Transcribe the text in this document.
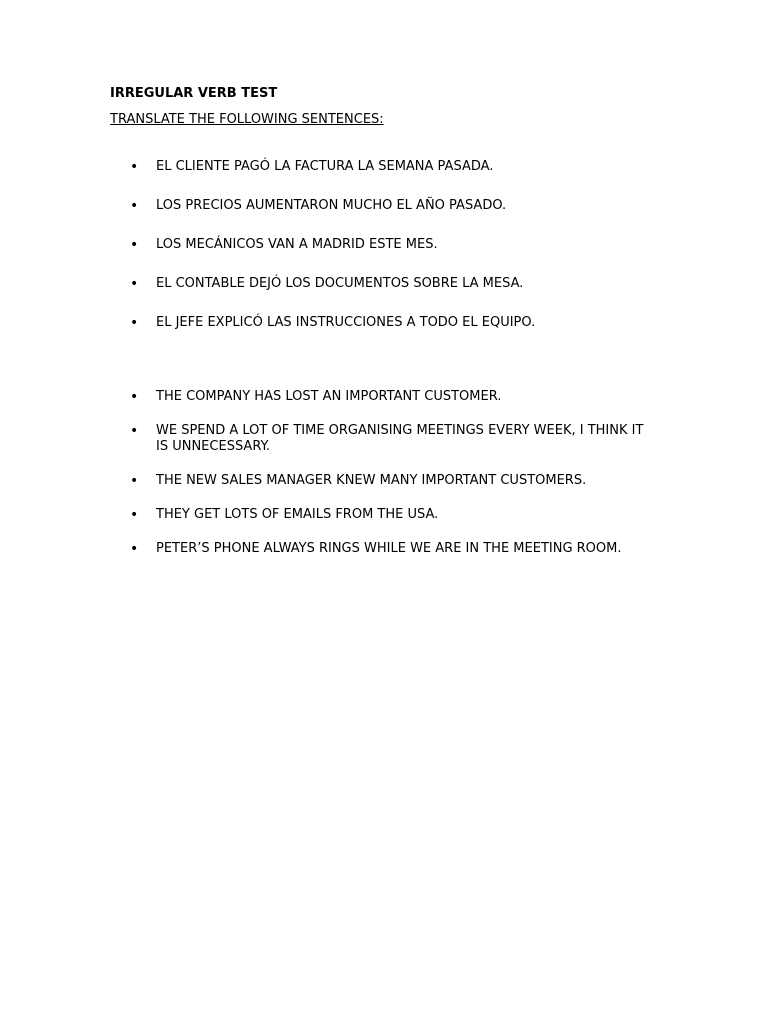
IRREGULAR VERB TEST

TRANSLATE THE FOLLOWING SENTENCES:

• EL CLIENTE PAGÓ LA FACTURA LA SEMANA PASADA.
• LOS PRECIOS AUMENTARON MUCHO EL AÑO PASADO.
• LOS MECÁNICOS VAN A MADRID ESTE MES.
• EL CONTABLE DEJÓ LOS DOCUMENTOS SOBRE LA MESA.
• EL JEFE EXPLICÓ LAS INSTRUCCIONES A TODO EL EQUIPO.
• THE COMPANY HAS LOST AN IMPORTANT CUSTOMER.
• WE SPEND A LOT OF TIME ORGANISING MEETINGS EVERY WEEK, I THINK IT IS UNNECESSARY.
• THE NEW SALES MANAGER KNEW MANY IMPORTANT CUSTOMERS.
• THEY GET LOTS OF EMAILS FROM THE USA.
• PETER’S PHONE ALWAYS RINGS WHILE WE ARE IN THE MEETING ROOM.
